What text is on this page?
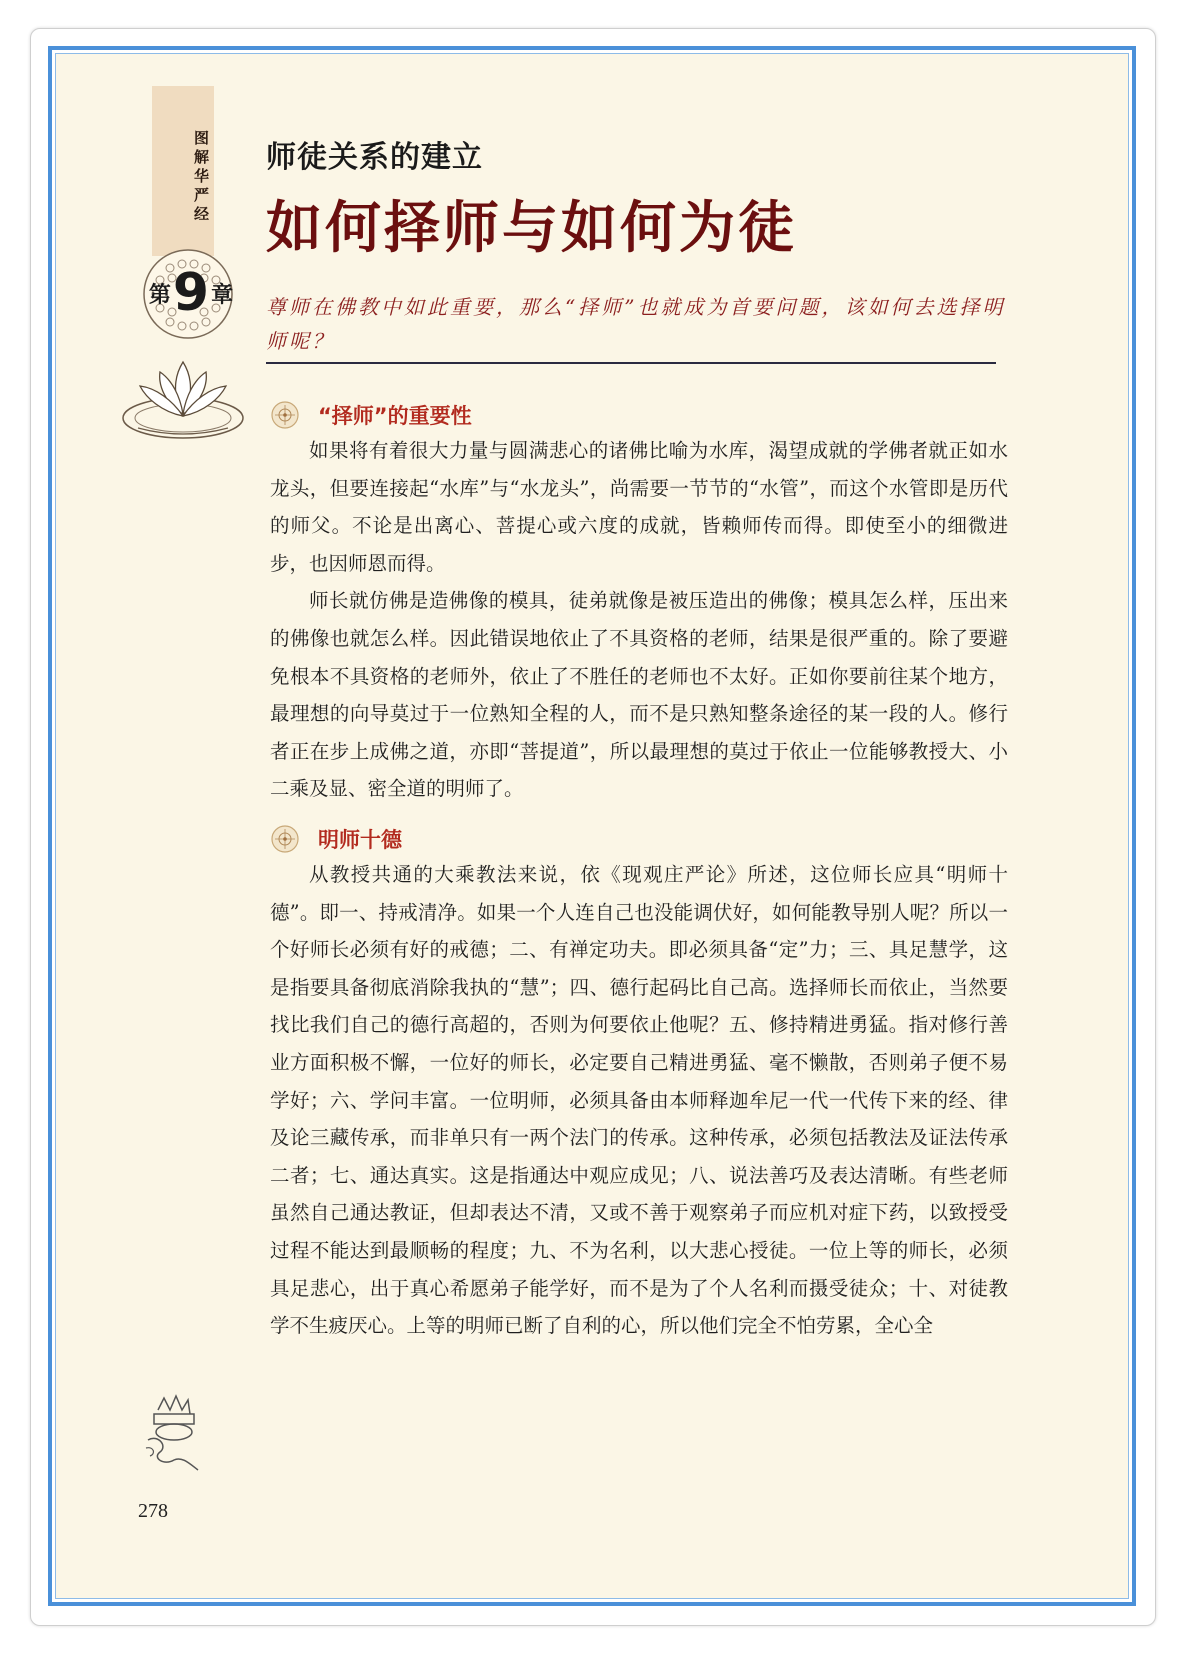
图解华严经
第 9 章
278
师徒关系的建立
如何择师与如何为徒
尊师在佛教中如此重要，那么“择师”也就成为首要问题，该如何去选择明师呢？
“择师”的重要性

如果将有着很大力量与圆满悲心的诸佛比喻为水库，渴望成就的学佛者就正如水龙头，但要连接起“水库”与“水龙头”，尚需要一节节的“水管”，而这个水管即是历代的师父。不论是出离心、菩提心或六度的成就，皆赖师传而得。即使至小的细微进步，也因师恩而得。

师长就仿佛是造佛像的模具，徒弟就像是被压造出的佛像；模具怎么样，压出来的佛像也就怎么样。因此错误地依止了不具资格的老师，结果是很严重的。除了要避免根本不具资格的老师外，依止了不胜任的老师也不太好。正如你要前往某个地方，最理想的向导莫过于一位熟知全程的人，而不是只熟知整条途径的某一段的人。修行者正在步上成佛之道，亦即“菩提道”，所以最理想的莫过于依止一位能够教授大、小二乘及显、密全道的明师了。

明师十德

从教授共通的大乘教法来说，依《现观庄严论》所述，这位师长应具“明师十德”。即一、持戒清净。如果一个人连自己也没能调伏好，如何能教导别人呢？所以一个好师长必须有好的戒德；二、有禅定功夫。即必须具备“定”力；三、具足慧学，这是指要具备彻底消除我执的“慧”；四、德行起码比自己高。选择师长而依止，当然要找比我们自己的德行高超的，否则为何要依止他呢？五、修持精进勇猛。指对修行善业方面积极不懈，一位好的师长，必定要自己精进勇猛、毫不懒散，否则弟子便不易学好；六、学问丰富。一位明师，必须具备由本师释迦牟尼一代一代传下来的经、律及论三藏传承，而非单只有一两个法门的传承。这种传承，必须包括教法及证法传承二者；七、通达真实。这是指通达中观应成见；八、说法善巧及表达清晰。有些老师虽然自己通达教证，但却表达不清，又或不善于观察弟子而应机对症下药，以致授受过程不能达到最顺畅的程度；九、不为名利，以大悲心授徒。一位上等的师长，必须具足悲心，出于真心希愿弟子能学好，而不是为了个人名利而摄受徒众；十、对徒教学不生疲厌心。上等的明师已断了自利的心，所以他们完全不怕劳累，全心全
